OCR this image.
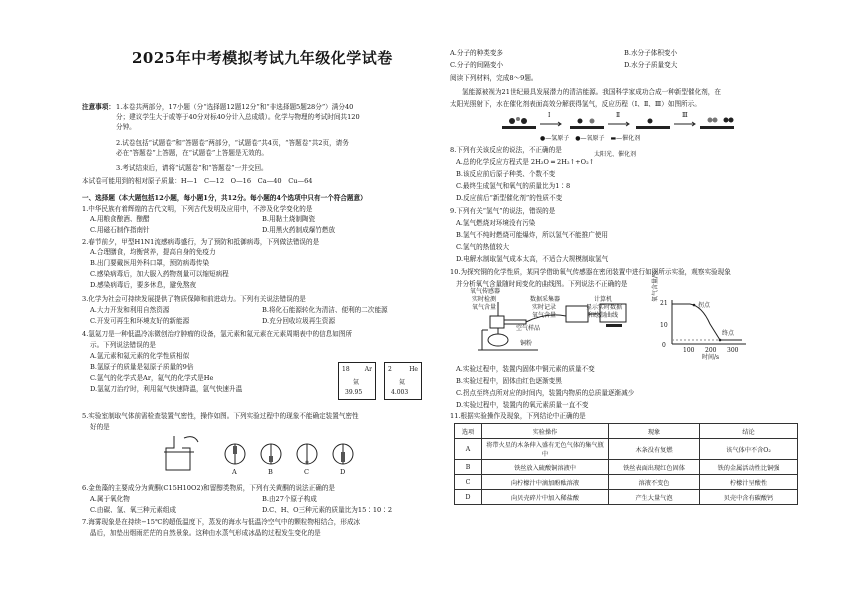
2025年中考模拟考试九年级化学试卷
注意事项： 1.本卷共两部分，17小题（分“选择题12题12分”和“非选择题5题28分”）满分40
分；建议学生大于或等于40分对标40分计入总成绩）。化学与物理的考试时间共120
分钟。
2.试卷包括“试题卷”和“答题卷”两部分，“试题卷”共4页，“答题卷”共2页，请务
必在“答题卷”上答题，在“试题卷”上答题是无效的。
3.考试结束后，请将“试题卷”和“答题卷”一并交回。
本试卷可能用到的相对原子质量：H—1　C—12　O—16　Ca—40　Cu—64
一、选择题（本大题包括12小题，每小题1分，共12分。每小题的4个选项中只有一个符合题意）
1.中华民族有着辉煌的古代文明，下列古代发明及应用中，不涉及化学变化的是
A.用粮食酿酒、酿醋	B.用黏土烧制陶瓷
C.用磁石制作指南针	D.用黑火药制成爆竹燃放
2.春节前夕，甲型H1N1流感病毒盛行，为了预防和抵御病毒，下列做法错误的是
A.合理膳食，均衡营养，提高自身的免疫力
B.出门要戴医用外科口罩，预防病毒传染
C.感染病毒后，加大服入药物剂量可以缩短病程
D.感染病毒后，要多休息，避免熬夜
3.化学为社会可持续发展提供了物质保障和前进动力。下列有关说法错误的是
A.大力开发和利用自然资源	B.将化石能源转化为清洁、便利的二次能源
C.开发可再生和环境友好的新能源	D.充分回收垃圾再生资源
4.氩氦刀是一种低温冷冻微创治疗肿瘤的设备，氩元素和氦元素在元素周期表中的信息如图所
示。下列说法错误的是
A.氩元素和氦元素的化学性质相似
B.氩原子的质量是氦原子质量的9倍
C.氩气的化学式是Ar，氦气的化学式是He
D.氩氦刀治疗时，利用氦气快速降温，氩气快速升温
18	Ar
氩
39.95
2	He
氦
4.003
5.实验室制取气体前需检查装置气密性，操作如图。下列实验过程中的现象不能确定装置气密性
好的是
A	B	C	D
6.金鱼藻的主要成分为黄酮(C15H10O2)和留醇类物质，下列有关黄酮的说法正确的是
A.属于氧化物	B.由27个原子构成
C.由碳、氢、氧三种元素组成	D.C、H、O三种元素的质量比为15∶10∶2
7.海雾现象是在持续−15℃的超低温度下，蒸发的海水与低温冷空气中的颗粒物相结合，形成冰
晶后，加垫出烟雨茫茫的自然景象。这种由水蒸气形成冰晶的过程发生变化的是
A.分子的种类变多	B.水分子体积变小
C.分子的间隔变小	D.水分子质量变大
阅读下列材料，完成8～9题。
氢能源被视为21世纪最具发展潜力的清洁能源。我国科学家成功合成一种新型催化剂，在
太阳光照射下，水在催化剂表面高效分解获得氢气，反应历程（Ⅰ、Ⅱ、Ⅲ）如图所示。
Ⅰ	Ⅱ	Ⅲ
●—氢原子　●—氧原子　▬—催化剂
8.下列有关该反应的说法，不正确的是
太阳光、催化剂
A.总的化学反应方程式是 2H₂O ═ 2H₂↑+O₂↑
B.该反应前后原子种类、个数不变
C.最终生成氢气和氧气的质量比为1∶8
D.反应前后“新型催化剂”的性质不变
9.下列有关“氢气”的说法，错误的是
A.氢气燃烧对环境没有污染
B.氢气不纯时燃烧可能爆炸，所以氢气不能推广使用
C.氢气的热值较大
D.电解水制取氢气成本太高，不适合大规模制取氢气
10.为探究铜的化学性质，某同学借助氧气传感器在密闭装置中进行如图所示实验，观察实验现象
并分析氧气含量随时间变化的曲线图。下列说法不正确的是
氧气传感器
实时检测
氧气含量
数据采集器
实时记录
氧气含量
计算机
显示实时数据
和绘制曲线
空气样品
铜粉
氧气含量/%
21
10
0
100 200 300
时间/s
拐点
终点
A.实验过程中，装置内固体中铜元素的质量不变
B.实验过程中，固体由红色逐渐变黑
C.拐点至终点所对应的时间内，装置内物质的总质量逐渐减少
D.实验过程中，装置内的氧元素质量一直不变
11.根据实验操作及现象，下列结论中正确的是
选项	实验操作	现象	结论
A	将带火星的木条伸入盛有无色气体的集气瓶中	木条没有复燃	该气体中不含O₂
B	铁丝放入硫酸铜溶液中	铁丝表面出现红色固体	铁的金属活动性比铜强
C	向柠檬汁中滴加酚酞溶液	溶液不变色	柠檬汁呈酸性
D	向贝壳碎片中加入稀盐酸	产生大量气泡	贝壳中含有碳酸钙
